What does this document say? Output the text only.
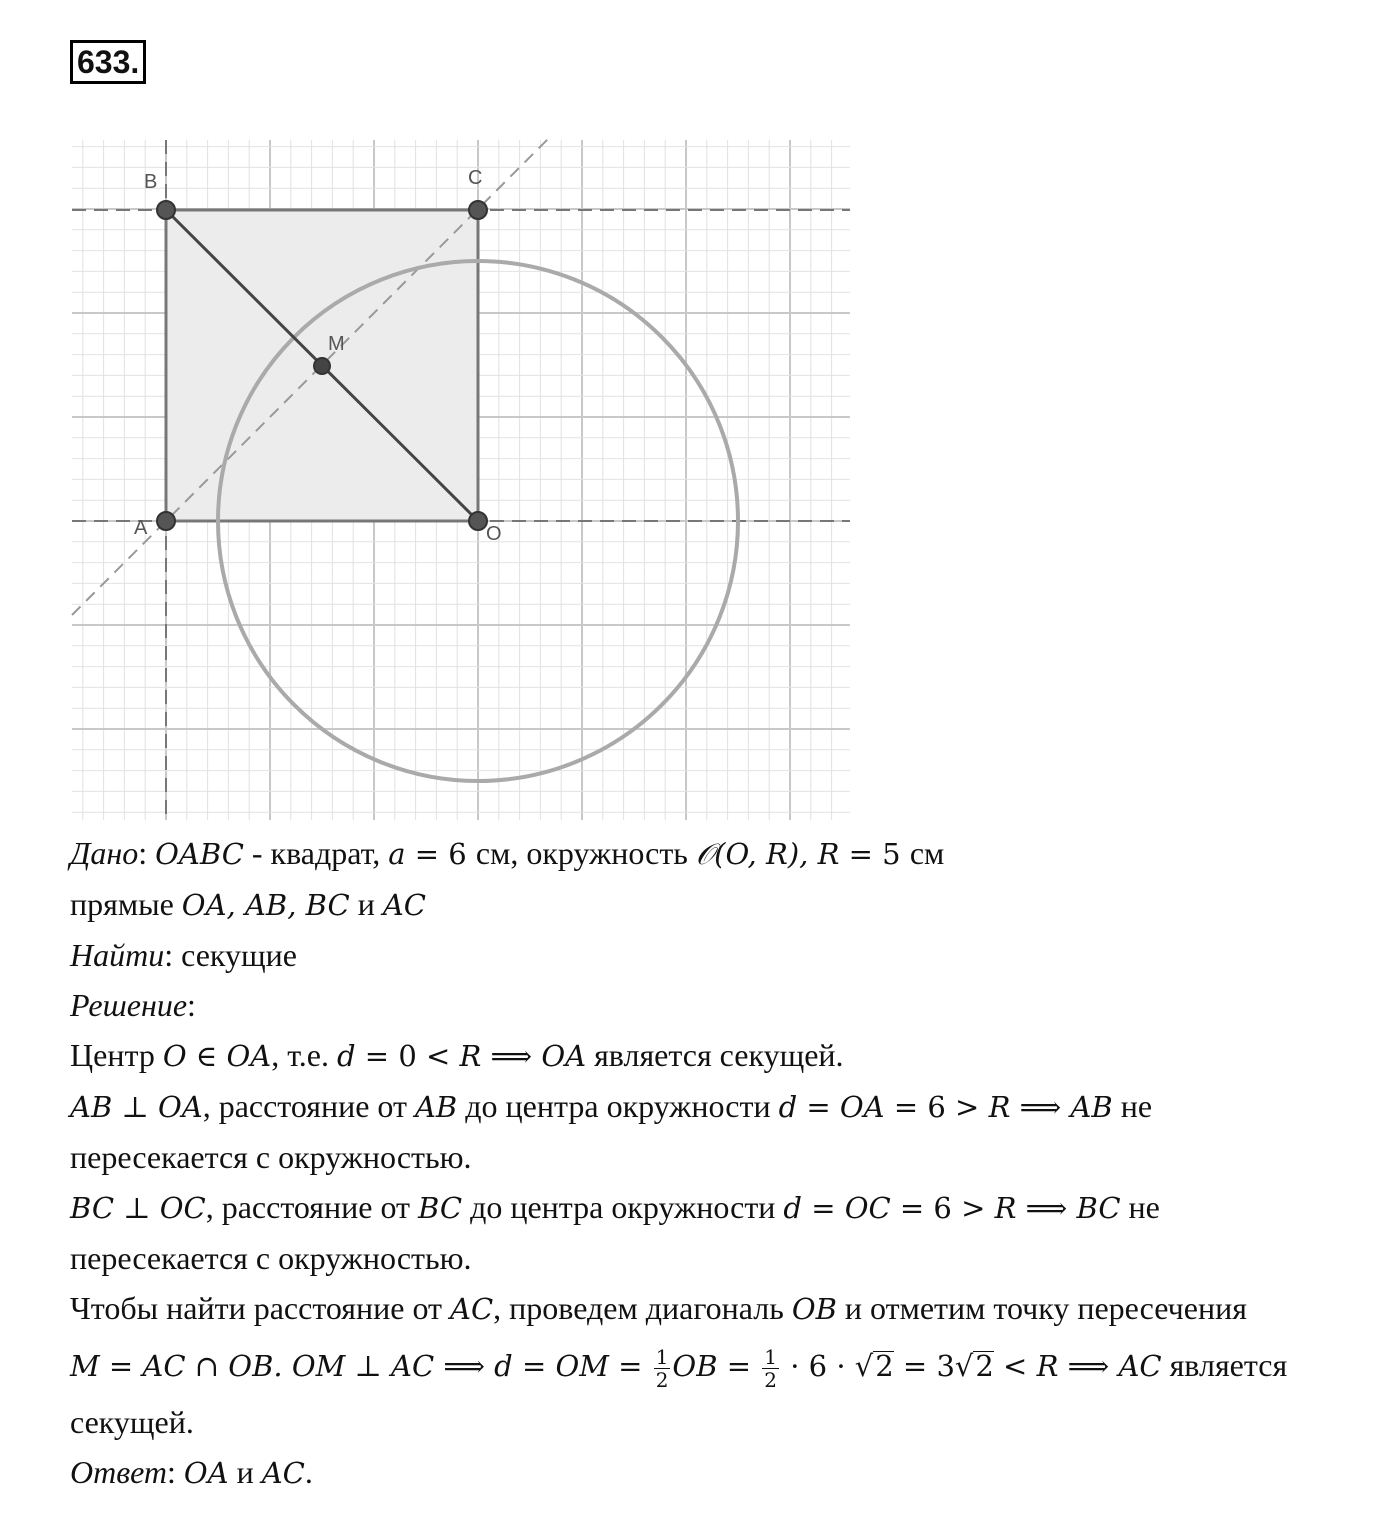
633.
B	C
A	O
M
Дано: OABC - квадрат, a = 6 см, окружность 𝒪(O, R), R = 5 см
прямые OA, AB, BC и AC
Найти: секущие
Решение:
Центр O ∈ OA, т.е. d = 0 < R ⟹ OA является секущей.
AB ⊥ OA, расстояние от AB до центра окружности d = OA = 6 > R ⟹ AB не
пересекается с окружностью.
BC ⊥ OC, расстояние от BC до центра окружности d = OC = 6 > R ⟹ BC не
пересекается с окружностью.
Чтобы найти расстояние от AC, проведем диагональ OB и отметим точку пересечения
M = AC ∩ OB. OM ⊥ AC ⟹ d = OM = $\frac{1}{2}$ OB = $\frac{1}{2} \cdot 6 \cdot √2 = 3√2 < R$ ⟹ AC является
секущей.
Ответ: OA и AC.
